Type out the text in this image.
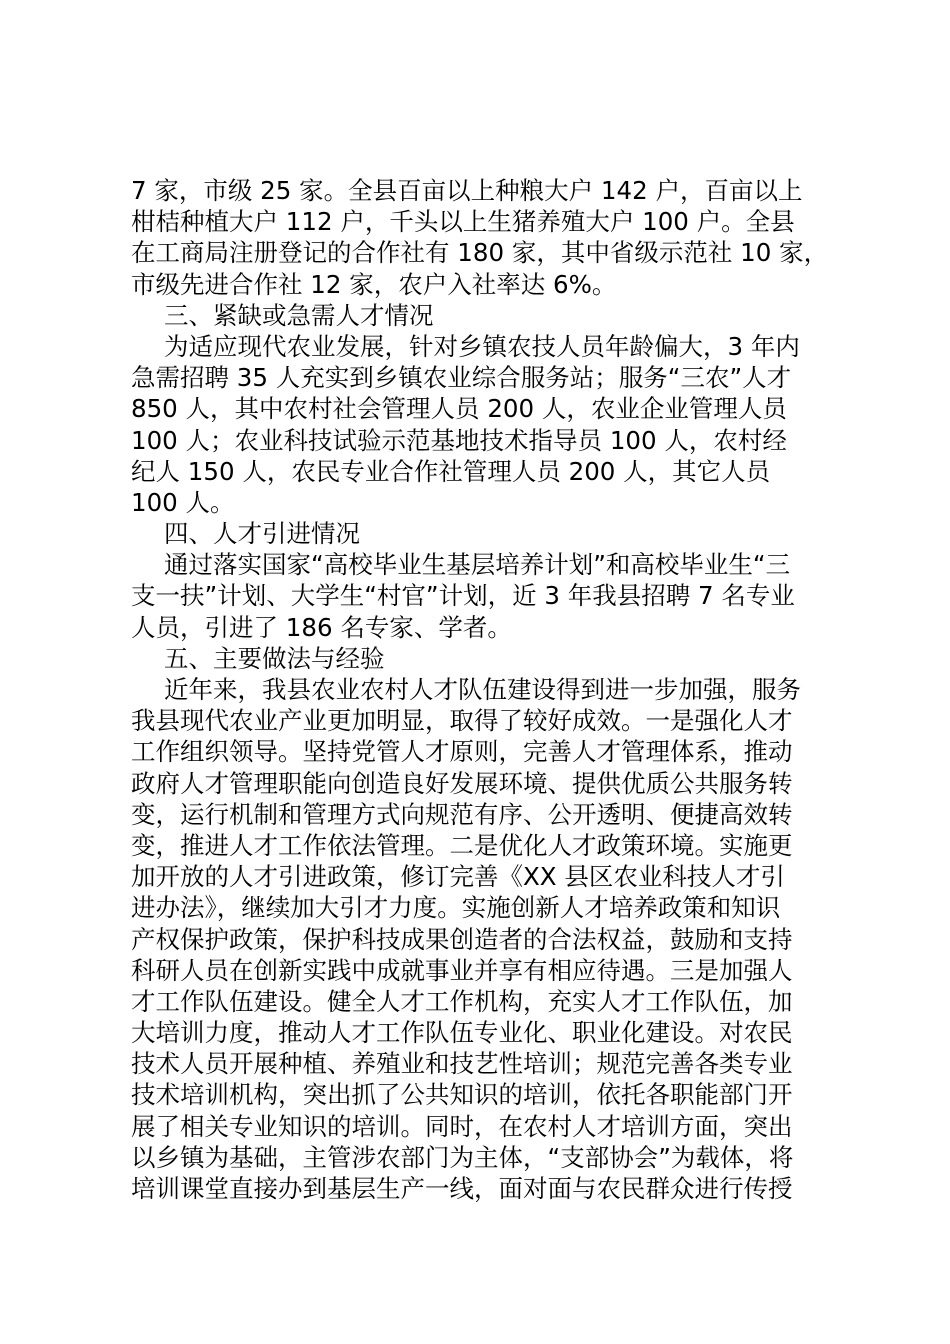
7 家，市级 25 家。全县百亩以上种粮大户 142 户，百亩以上
柑桔种植大户 112 户，千头以上生猪养殖大户 100 户。全县
在工商局注册登记的合作社有 180 家，其中省级示范社 10 家，
市级先进合作社 12 家，农户入社率达 6%。
三、紧缺或急需人才情况
为适应现代农业发展，针对乡镇农技人员年龄偏大，3 年内
急需招聘 35 人充实到乡镇农业综合服务站；服务“三农”人才
850 人，其中农村社会管理人员 200 人，农业企业管理人员
100 人；农业科技试验示范基地技术指导员 100 人，农村经
纪人 150 人，农民专业合作社管理人员 200 人，其它人员
100 人。
四、人才引进情况
通过落实国家“高校毕业生基层培养计划”和高校毕业生“三
支一扶”计划、大学生“村官”计划，近 3 年我县招聘 7 名专业
人员，引进了 186 名专家、学者。
五、主要做法与经验
近年来，我县农业农村人才队伍建设得到进一步加强，服务
我县现代农业产业更加明显，取得了较好成效。一是强化人才
工作组织领导。坚持党管人才原则，完善人才管理体系，推动
政府人才管理职能向创造良好发展环境、提供优质公共服务转
变，运行机制和管理方式向规范有序、公开透明、便捷高效转
变，推进人才工作依法管理。二是优化人才政策环境。实施更
加开放的人才引进政策，修订完善《XX 县区农业科技人才引
进办法》，继续加大引才力度。实施创新人才培养政策和知识
产权保护政策，保护科技成果创造者的合法权益，鼓励和支持
科研人员在创新实践中成就事业并享有相应待遇。三是加强人
才工作队伍建设。健全人才工作机构，充实人才工作队伍，加
大培训力度，推动人才工作队伍专业化、职业化建设。对农民
技术人员开展种植、养殖业和技艺性培训；规范完善各类专业
技术培训机构，突出抓了公共知识的培训，依托各职能部门开
展了相关专业知识的培训。同时，在农村人才培训方面，突出
以乡镇为基础，主管涉农部门为主体，“支部协会”为载体，将
培训课堂直接办到基层生产一线，面对面与农民群众进行传授
